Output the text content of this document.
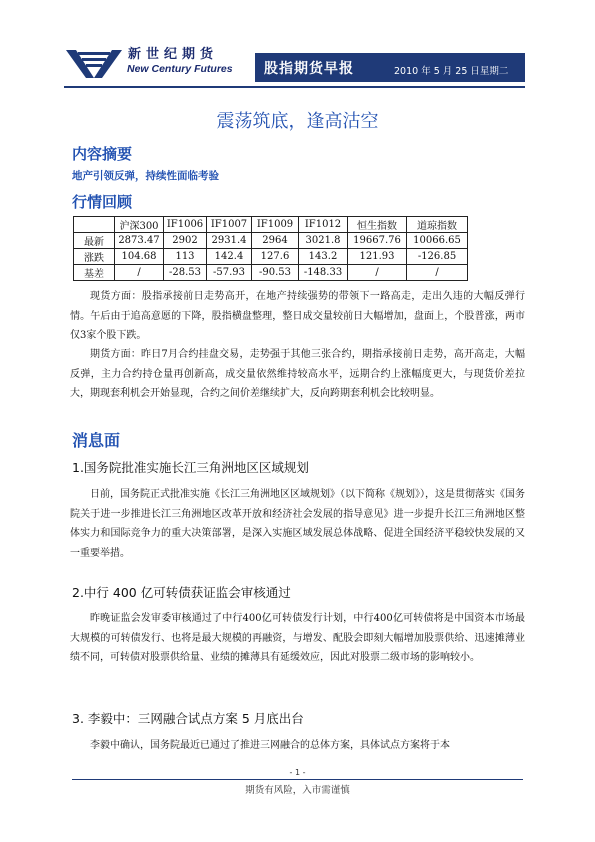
新世纪期货
New Century Futures 股指期货早报	2010 年 5 月 25 日星期二
震荡筑底，逢高沽空
内容摘要
地产引领反弹，持续性面临考验
行情回顾
	沪深300	IF1006	IF1007	IF1009	IF1012	恒生指数	道琼指数
最新	2873.47	2902	2931.4	2964	3021.8	19667.76	10066.65
涨跌	104.68	113	142.4	127.6	143.2	121.93	-126.85
基差	/	-28.53	-57.93	-90.53	-148.33	/	/
现货方面：股指承接前日走势高开，在地产持续强势的带领下一路高走，走出久违的大幅反弹行情。午后由于追高意愿的下降，股指横盘整理，整日成交量较前日大幅增加，盘面上，个股普涨，两市仅3家个股下跌。
期货方面：昨日7月合约挂盘交易，走势强于其他三张合约，期指承接前日走势，高开高走，大幅反弹，主力合约持仓量再创新高，成交量依然维持较高水平，远期合约上涨幅度更大，与现货价差拉大，期现套利机会开始显现，合约之间价差继续扩大，反向跨期套利机会比较明显。
消息面
1.国务院批准实施长江三角洲地区区域规划
日前，国务院正式批准实施《长江三角洲地区区域规划》（以下简称《规划》），这是贯彻落实《国务院关于进一步推进长江三角洲地区改革开放和经济社会发展的指导意见》进一步提升长江三角洲地区整体实力和国际竞争力的重大决策部署，是深入实施区域发展总体战略、促进全国经济平稳较快发展的又一重要举措。
2.中行 400 亿可转债获证监会审核通过
昨晚证监会发审委审核通过了中行400亿可转债发行计划，中行400亿可转债将是中国资本市场最大规模的可转债发行、也将是最大规模的再融资，与增发、配股会即刻大幅增加股票供给、迅速摊薄业绩不同，可转债对股票供给量、业绩的摊薄具有延缓效应，因此对股票二级市场的影响较小。
3. 李毅中：三网融合试点方案 5 月底出台
李毅中确认，国务院最近已通过了推进三网融合的总体方案，具体试点方案将于本
- 1 -
期货有风险，入市需谨慎
